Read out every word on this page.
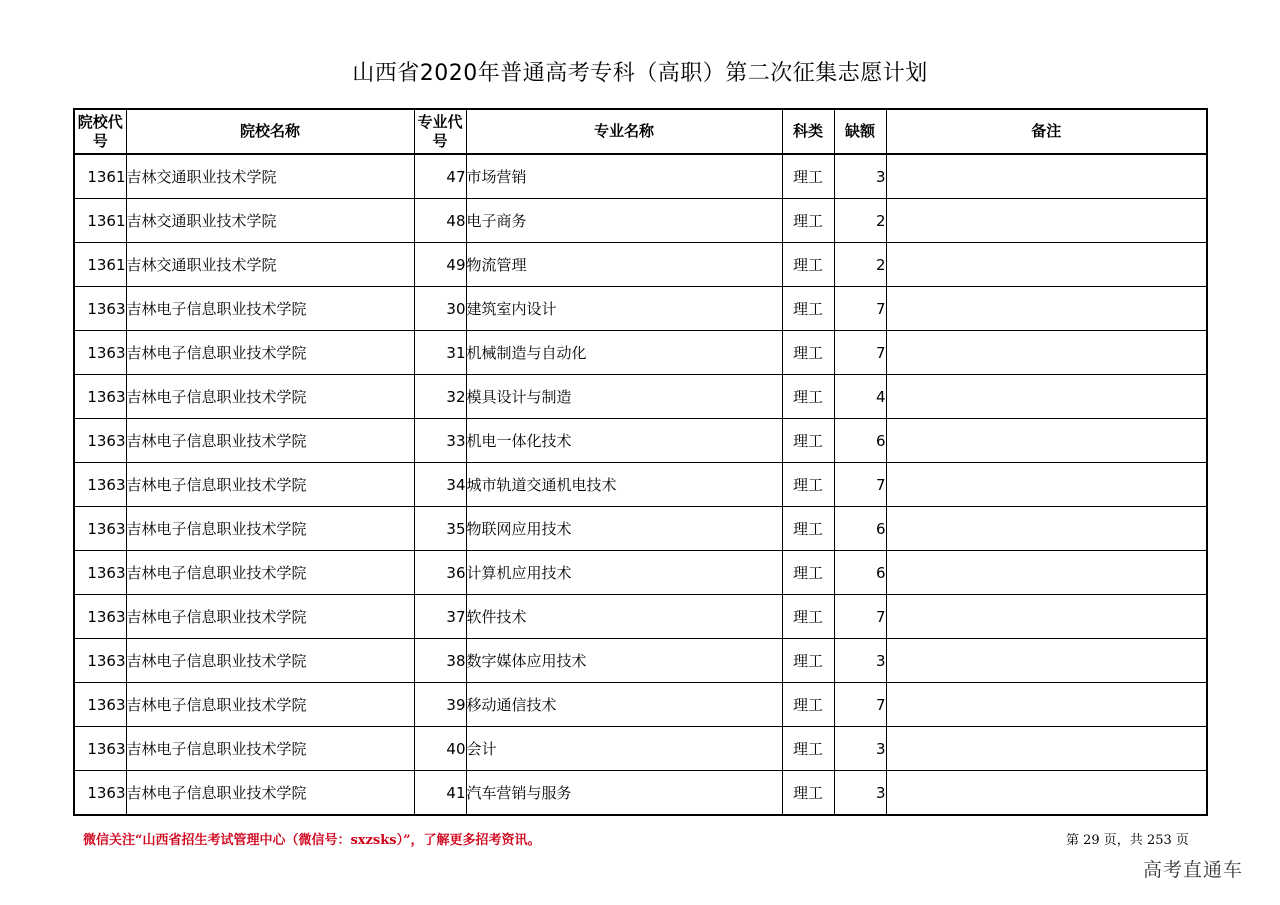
山西省2020年普通高考专科（高职）第二次征集志愿计划
院校代号	院校名称	专业代号	专业名称	科类	缺额	备注
1361	吉林交通职业技术学院	47	市场营销	理工	3	
1361	吉林交通职业技术学院	48	电子商务	理工	2	
1361	吉林交通职业技术学院	49	物流管理	理工	2	
1363	吉林电子信息职业技术学院	30	建筑室内设计	理工	7	
1363	吉林电子信息职业技术学院	31	机械制造与自动化	理工	7	
1363	吉林电子信息职业技术学院	32	模具设计与制造	理工	4	
1363	吉林电子信息职业技术学院	33	机电一体化技术	理工	6	
1363	吉林电子信息职业技术学院	34	城市轨道交通机电技术	理工	7	
1363	吉林电子信息职业技术学院	35	物联网应用技术	理工	6	
1363	吉林电子信息职业技术学院	36	计算机应用技术	理工	6	
1363	吉林电子信息职业技术学院	37	软件技术	理工	7	
1363	吉林电子信息职业技术学院	38	数字媒体应用技术	理工	3	
1363	吉林电子信息职业技术学院	39	移动通信技术	理工	7	
1363	吉林电子信息职业技术学院	40	会计	理工	3	
1363	吉林电子信息职业技术学院	41	汽车营销与服务	理工	3	
微信关注“山西省招生考试管理中心（微信号：sxzsks）”，了解更多招考资讯。	第 29 页，共 253 页
高考直通车
